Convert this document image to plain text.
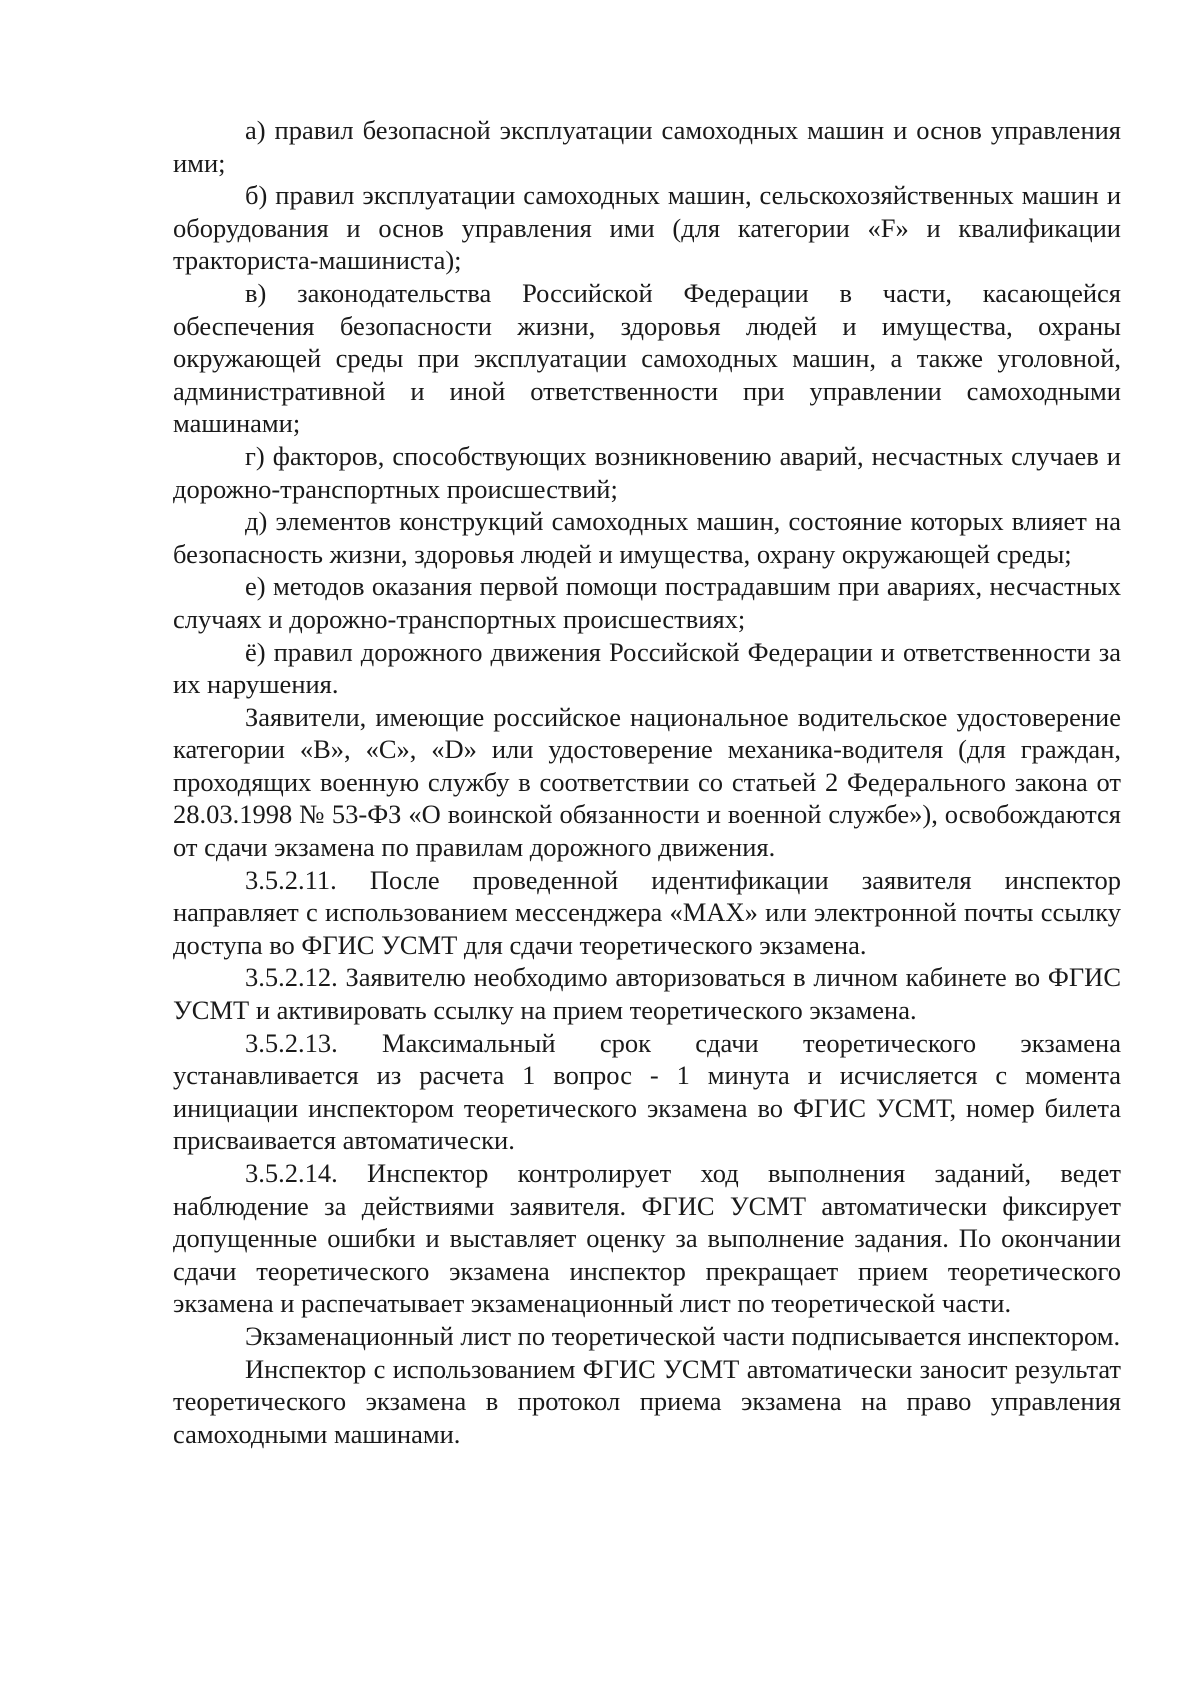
а) правил безопасной эксплуатации самоходных машин и основ управления ими;

б) правил эксплуатации самоходных машин, сельскохозяйственных машин и оборудования и основ управления ими (для категории «F» и квалификации тракториста-машиниста);

в) законодательства Российской Федерации в части, касающейся обеспечения безопасности жизни, здоровья людей и имущества, охраны окружающей среды при эксплуатации самоходных машин, а также уголовной, административной и иной ответственности при управлении самоходными машинами;

г) факторов, способствующих возникновению аварий, несчастных случаев и дорожно-транспортных происшествий;

д) элементов конструкций самоходных машин, состояние которых влияет на безопасность жизни, здоровья людей и имущества, охрану окружающей среды;

е) методов оказания первой помощи пострадавшим при авариях, несчастных случаях и дорожно-транспортных происшествиях;

ё) правил дорожного движения Российской Федерации и ответственности за их нарушения.

Заявители, имеющие российское национальное водительское удостоверение категории «B», «C», «D» или удостоверение механика-водителя (для граждан, проходящих военную службу в соответствии со статьей 2 Федерального закона от 28.03.1998 № 53-ФЗ «О воинской обязанности и военной службе»), освобождаются от сдачи экзамена по правилам дорожного движения.

3.5.2.11. После проведенной идентификации заявителя инспектор направляет с использованием мессенджера «MAX» или электронной почты ссылку доступа во ФГИС УСМТ для сдачи теоретического экзамена.

3.5.2.12. Заявителю необходимо авторизоваться в личном кабинете во ФГИС УСМТ и активировать ссылку на прием теоретического экзамена.

3.5.2.13. Максимальный срок сдачи теоретического экзамена устанавливается из расчета 1 вопрос - 1 минута и исчисляется с момента инициации инспектором теоретического экзамена во ФГИС УСМТ, номер билета присваивается автоматически.

3.5.2.14. Инспектор контролирует ход выполнения заданий, ведет наблюдение за действиями заявителя. ФГИС УСМТ автоматически фиксирует допущенные ошибки и выставляет оценку за выполнение задания. По окончании сдачи теоретического экзамена инспектор прекращает прием теоретического экзамена и распечатывает экзаменационный лист по теоретической части.

Экзаменационный лист по теоретической части подписывается инспектором.

Инспектор с использованием ФГИС УСМТ автоматически заносит результат теоретического экзамена в протокол приема экзамена на право управления самоходными машинами.
